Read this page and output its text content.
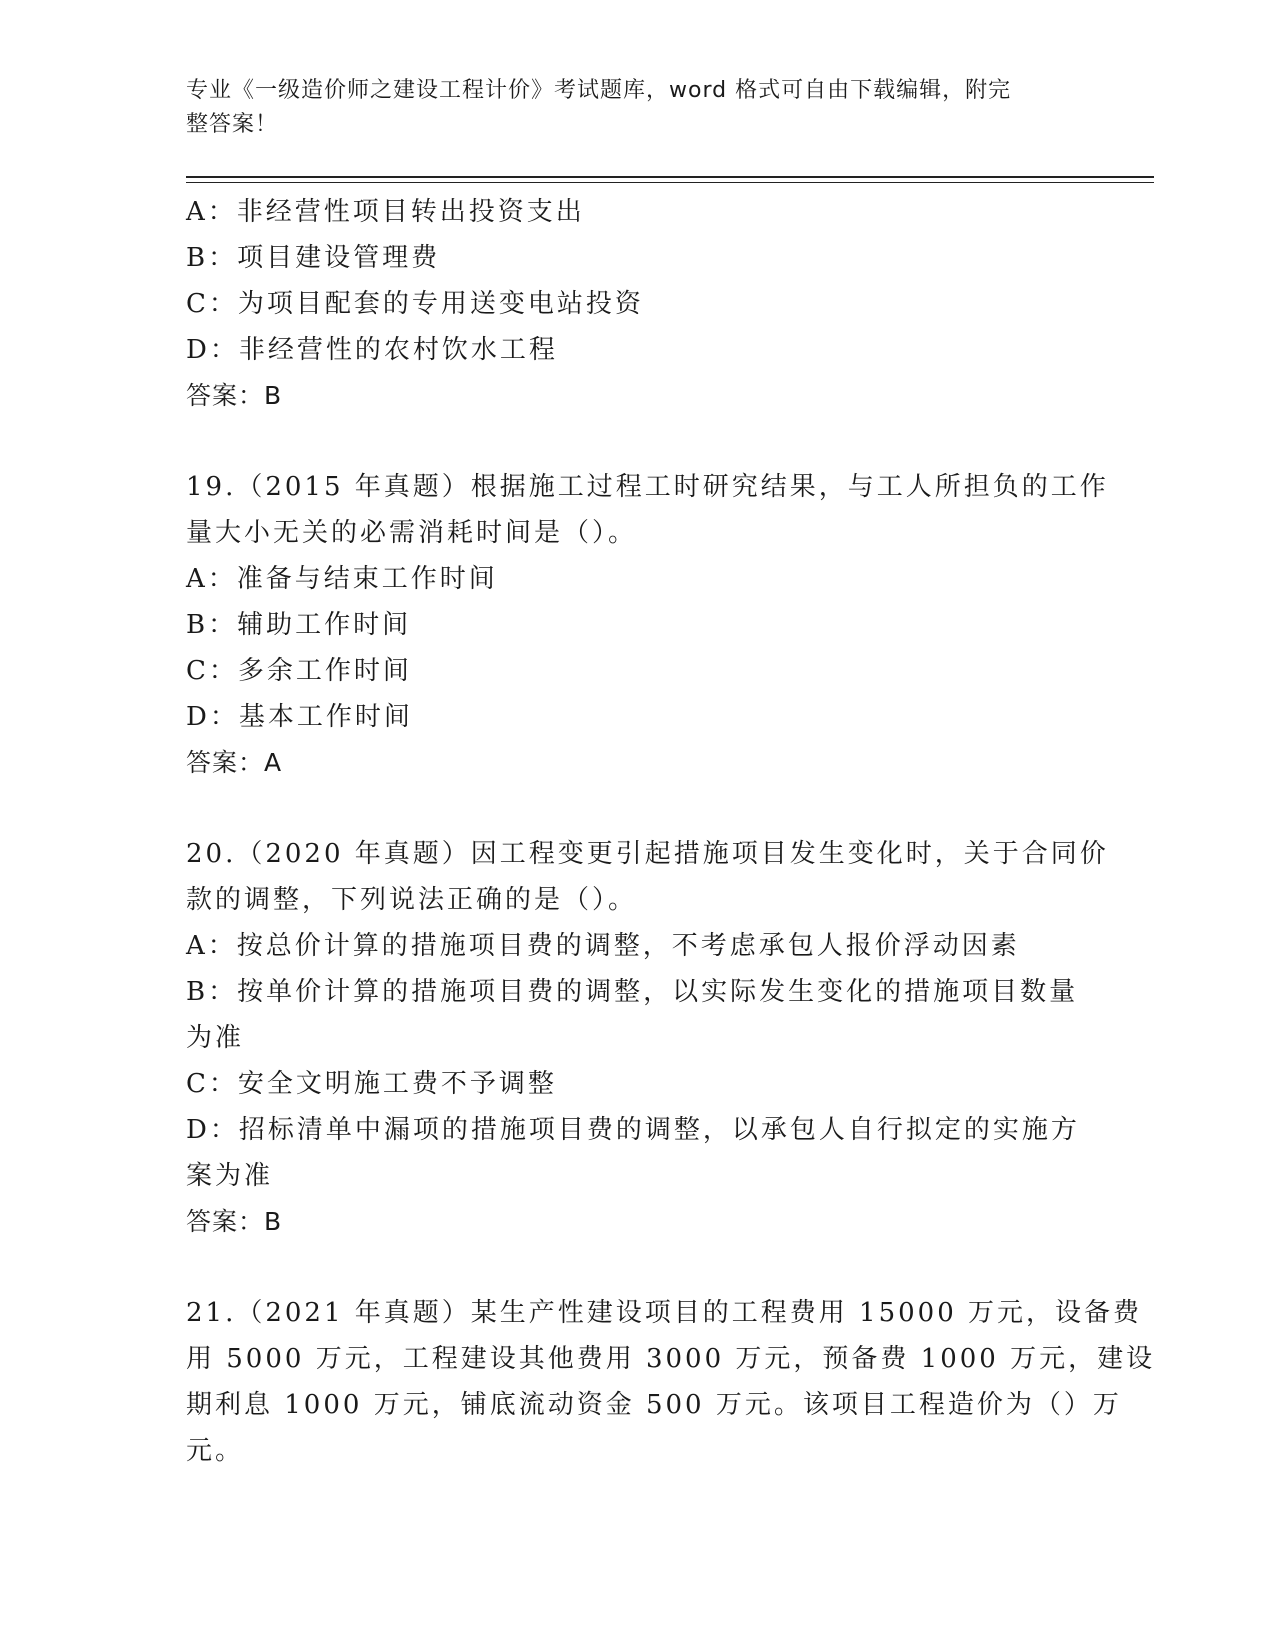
专业《一级造价师之建设工程计价》考试题库，word 格式可自由下载编辑，附完
整答案！
A：非经营性项目转出投资支出
B：项目建设管理费
C：为项目配套的专用送变电站投资
D：非经营性的农村饮水工程
答案：B
19.（2015 年真题）根据施工过程工时研究结果，与工人所担负的工作
量大小无关的必需消耗时间是（）。
A：准备与结束工作时间
B：辅助工作时间
C：多余工作时间
D：基本工作时间
答案：A
20.（2020 年真题）因工程变更引起措施项目发生变化时，关于合同价
款的调整，下列说法正确的是（）。
A：按总价计算的措施项目费的调整，不考虑承包人报价浮动因素
B：按单价计算的措施项目费的调整，以实际发生变化的措施项目数量
为准
C：安全文明施工费不予调整
D：招标清单中漏项的措施项目费的调整，以承包人自行拟定的实施方
案为准
答案：B
21.（2021 年真题）某生产性建设项目的工程费用 15000 万元，设备费
用 5000 万元，工程建设其他费用 3000 万元，预备费 1000 万元，建设
期利息 1000 万元，铺底流动资金 500 万元。该项目工程造价为（）万
元。
